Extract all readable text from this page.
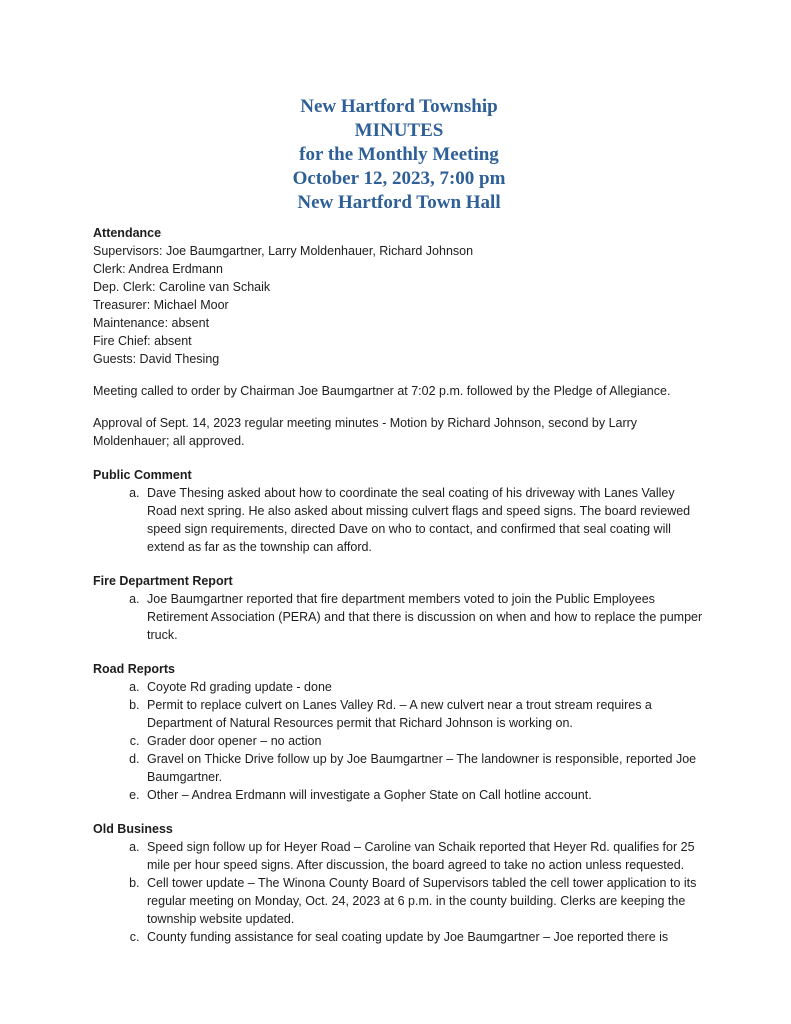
New Hartford Township
MINUTES
for the Monthly Meeting
October 12, 2023, 7:00 pm
New Hartford Town Hall
Attendance
Supervisors: Joe Baumgartner, Larry Moldenhauer, Richard Johnson
Clerk: Andrea Erdmann
Dep. Clerk: Caroline van Schaik
Treasurer: Michael Moor
Maintenance: absent
Fire Chief: absent
Guests: David Thesing

Meeting called to order by Chairman Joe Baumgartner at 7:02 p.m. followed by the Pledge of Allegiance.

Approval of Sept. 14, 2023 regular meeting minutes - Motion by Richard Johnson, second by Larry Moldenhauer; all approved.

Public Comment
a. Dave Thesing asked about how to coordinate the seal coating of his driveway with Lanes Valley Road next spring. He also asked about missing culvert flags and speed signs. The board reviewed speed sign requirements, directed Dave on who to contact, and confirmed that seal coating will extend as far as the township can afford.
Fire Department Report
a. Joe Baumgartner reported that fire department members voted to join the Public Employees Retirement Association (PERA) and that there is discussion on when and how to replace the pumper truck.
Road Reports
a. Coyote Rd grading update - done
b. Permit to replace culvert on Lanes Valley Rd. – A new culvert near a trout stream requires a Department of Natural Resources permit that Richard Johnson is working on.
c. Grader door opener – no action
d. Gravel on Thicke Drive follow up by Joe Baumgartner – The landowner is responsible, reported Joe Baumgartner.
e. Other – Andrea Erdmann will investigate a Gopher State on Call hotline account.
Old Business
a. Speed sign follow up for Heyer Road – Caroline van Schaik reported that Heyer Rd. qualifies for 25 mile per hour speed signs. After discussion, the board agreed to take no action unless requested.
b. Cell tower update – The Winona County Board of Supervisors tabled the cell tower application to its regular meeting on Monday, Oct. 24, 2023 at 6 p.m. in the county building. Clerks are keeping the township website updated.
c. County funding assistance for seal coating update by Joe Baumgartner – Joe reported there is
